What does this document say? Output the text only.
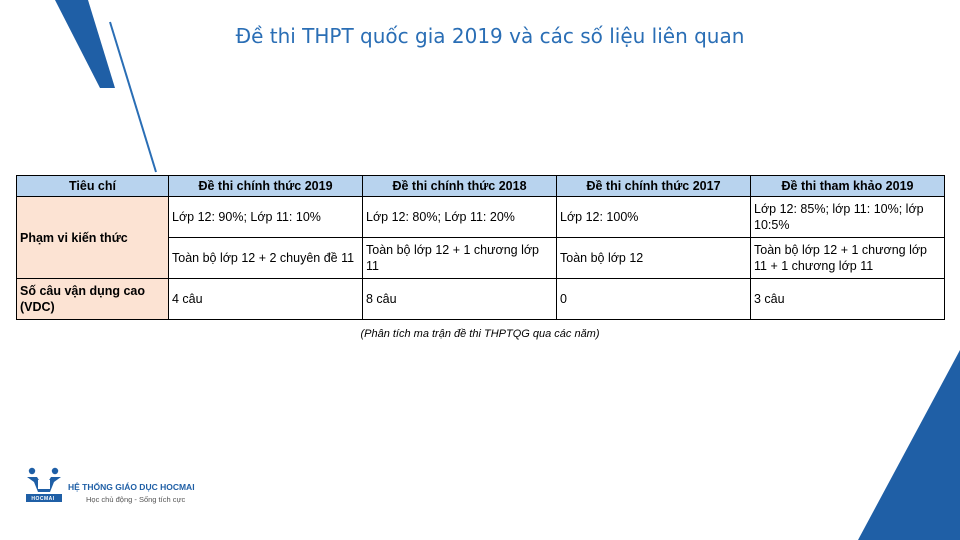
Đề thi THPT quốc gia 2019 và các số liệu liên quan
Tiêu chí	Đề thi chính thức 2019	Đề thi chính thức 2018	Đề thi chính thức 2017	Đề thi tham khảo 2019
Phạm vi kiến thức	Lớp 12: 90%; Lớp 11: 10%	Lớp 12: 80%; Lớp 11: 20%	Lớp 12: 100%	Lớp 12: 85%; lớp 11: 10%; lớp 10:5%
	Toàn bộ lớp 12 + 2 chuyên đề 11	Toàn bộ lớp 12 + 1 chương lớp 11	Toàn bộ lớp 12	Toàn bộ lớp 12 + 1 chương lớp 11 + 1 chương lớp 11
Số câu vận dụng cao (VDC)	4 câu	8 câu	0	3 câu
(Phân tích ma trận đề thi THPTQG qua các năm)
HOCMAI
HỆ THỐNG GIÁO DỤC HOCMAI
Học chủ động - Sống tích cực
